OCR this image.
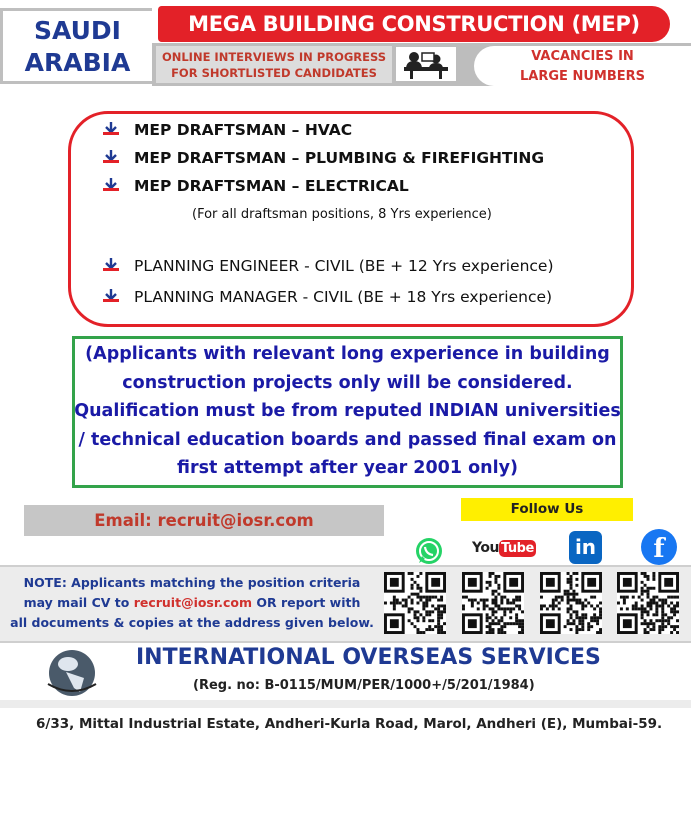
SAUDI
ARABIA
MEGA BUILDING CONSTRUCTION (MEP)
ONLINE INTERVIEWS IN PROGRESS
FOR SHORTLISTED CANDIDATES
VACANCIES IN
LARGE NUMBERS
MEP DRAFTSMAN – HVAC
MEP DRAFTSMAN – PLUMBING & FIREFIGHTING
MEP DRAFTSMAN – ELECTRICAL
(For all draftsman positions, 8 Yrs experience)
PLANNING ENGINEER - CIVIL (BE + 12 Yrs experience)
PLANNING MANAGER - CIVIL (BE + 18 Yrs experience)
(Applicants with relevant long experience in building
construction projects only will be considered.
Qualification must be from reputed INDIAN universities
/ technical education boards and passed final exam on
first attempt after year 2001 only)
Email: recruit@iosr.com
Follow Us
You Tube in	f
NOTE: Applicants matching the position criteria
may mail CV to recruit@iosr.com OR report with
all documents & copies at the address given below.
INTERNATIONAL OVERSEAS SERVICES
(Reg. no: B-0115/MUM/PER/1000+/5/201/1984)
6/33, Mittal Industrial Estate, Andheri-Kurla Road, Marol, Andheri (E), Mumbai-59.
